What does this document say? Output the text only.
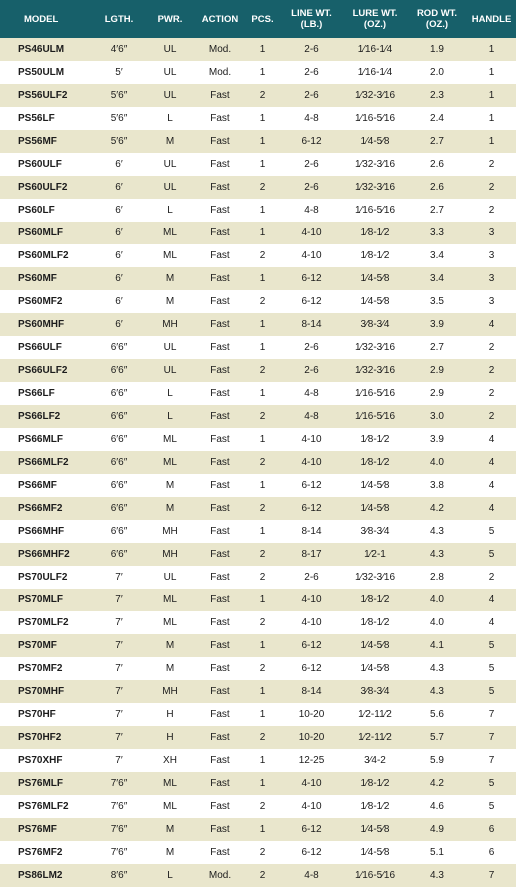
MODEL	LGTH.	PWR.	ACTION	PCS.	LINE WT. (LB.)	LURE WT. (OZ.)	ROD WT. (OZ.)	HANDLE
PS46ULM	4′6″	UL	Mod.	1	2-6	1⁄16-1⁄4	1.9	1
PS50ULM	5′	UL	Mod.	1	2-6	1⁄16-1⁄4	2.0	1
PS56ULF2	5′6″	UL	Fast	2	2-6	1⁄32-3⁄16	2.3	1
PS56LF	5′6″	L	Fast	1	4-8	1⁄16-5⁄16	2.4	1
PS56MF	5′6″	M	Fast	1	6-12	1⁄4-5⁄8	2.7	1
PS60ULF	6′	UL	Fast	1	2-6	1⁄32-3⁄16	2.6	2
PS60ULF2	6′	UL	Fast	2	2-6	1⁄32-3⁄16	2.6	2
PS60LF	6′	L	Fast	1	4-8	1⁄16-5⁄16	2.7	2
PS60MLF	6′	ML	Fast	1	4-10	1⁄8-1⁄2	3.3	3
PS60MLF2	6′	ML	Fast	2	4-10	1⁄8-1⁄2	3.4	3
PS60MF	6′	M	Fast	1	6-12	1⁄4-5⁄8	3.4	3
PS60MF2	6′	M	Fast	2	6-12	1⁄4-5⁄8	3.5	3
PS60MHF	6′	MH	Fast	1	8-14	3⁄8-3⁄4	3.9	4
PS66ULF	6′6″	UL	Fast	1	2-6	1⁄32-3⁄16	2.7	2
PS66ULF2	6′6″	UL	Fast	2	2-6	1⁄32-3⁄16	2.9	2
PS66LF	6′6″	L	Fast	1	4-8	1⁄16-5⁄16	2.9	2
PS66LF2	6′6″	L	Fast	2	4-8	1⁄16-5⁄16	3.0	2
PS66MLF	6′6″	ML	Fast	1	4-10	1⁄8-1⁄2	3.9	4
PS66MLF2	6′6″	ML	Fast	2	4-10	1⁄8-1⁄2	4.0	4
PS66MF	6′6″	M	Fast	1	6-12	1⁄4-5⁄8	3.8	4
PS66MF2	6′6″	M	Fast	2	6-12	1⁄4-5⁄8	4.2	4
PS66MHF	6′6″	MH	Fast	1	8-14	3⁄8-3⁄4	4.3	5
PS66MHF2	6′6″	MH	Fast	2	8-17	1⁄2-1	4.3	5
PS70ULF2	7′	UL	Fast	2	2-6	1⁄32-3⁄16	2.8	2
PS70MLF	7′	ML	Fast	1	4-10	1⁄8-1⁄2	4.0	4
PS70MLF2	7′	ML	Fast	2	4-10	1⁄8-1⁄2	4.0	4
PS70MF	7′	M	Fast	1	6-12	1⁄4-5⁄8	4.1	5
PS70MF2	7′	M	Fast	2	6-12	1⁄4-5⁄8	4.3	5
PS70MHF	7′	MH	Fast	1	8-14	3⁄8-3⁄4	4.3	5
PS70HF	7′	H	Fast	1	10-20	1⁄2-11⁄2	5.6	7
PS70HF2	7′	H	Fast	2	10-20	1⁄2-11⁄2	5.7	7
PS70XHF	7′	XH	Fast	1	12-25	3⁄4-2	5.9	7
PS76MLF	7′6″	ML	Fast	1	4-10	1⁄8-1⁄2	4.2	5
PS76MLF2	7′6″	ML	Fast	2	4-10	1⁄8-1⁄2	4.6	5
PS76MF	7′6″	M	Fast	1	6-12	1⁄4-5⁄8	4.9	6
PS76MF2	7′6″	M	Fast	2	6-12	1⁄4-5⁄8	5.1	6
PS86LM2	8′6″	L	Mod.	2	4-8	1⁄16-5⁄16	4.3	7
